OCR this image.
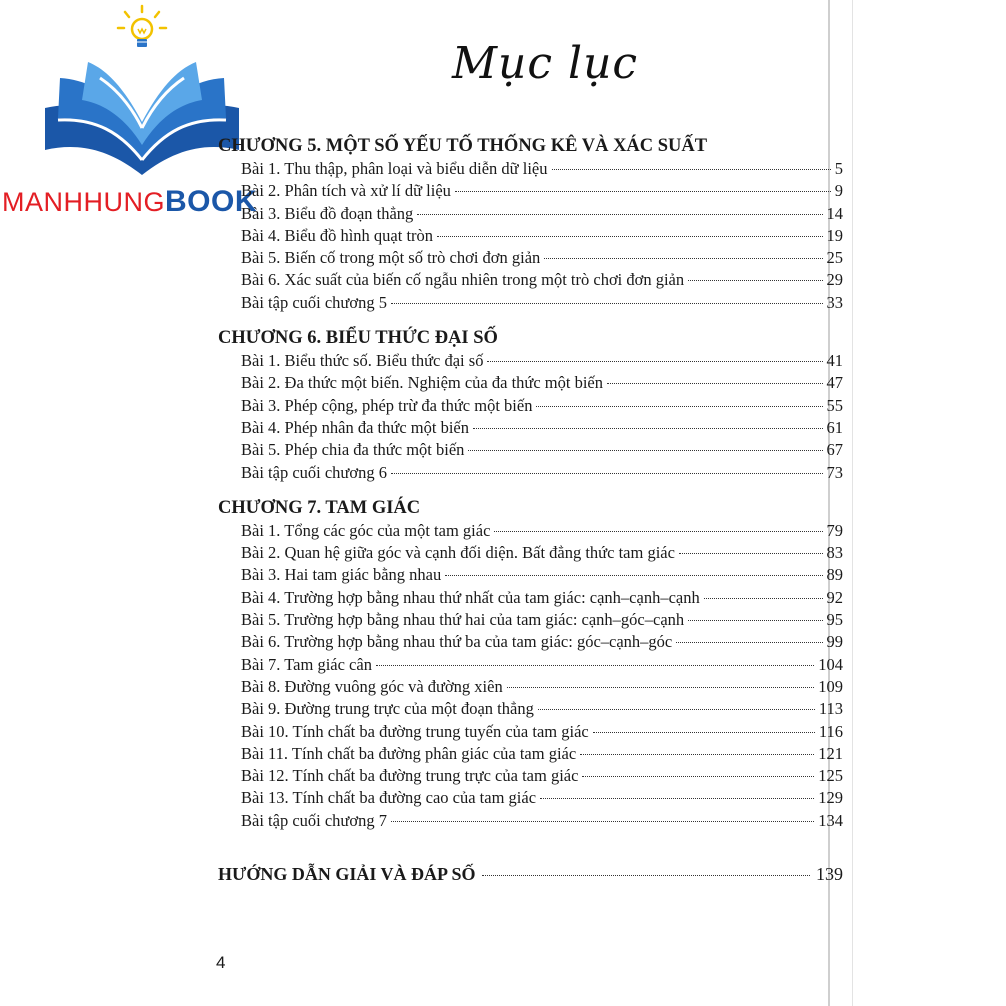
MANHHUNGBOOK
Mục lục
CHƯƠNG 5. MỘT SỐ YẾU TỐ THỐNG KÊ VÀ XÁC SUẤT
Bài 1. Thu thập, phân loại và biểu diễn dữ liệu	5
Bài 2. Phân tích và xử lí dữ liệu	9
Bài 3. Biểu đồ đoạn thẳng	14
Bài 4. Biểu đồ hình quạt tròn	19
Bài 5. Biến cố trong một số trò chơi đơn giản	25
Bài 6. Xác suất của biến cố ngẫu nhiên trong một trò chơi đơn giản	29
Bài tập cuối chương 5	33
CHƯƠNG 6. BIỂU THỨC ĐẠI SỐ
Bài 1. Biểu thức số. Biểu thức đại số	41
Bài 2. Đa thức một biến. Nghiệm của đa thức một biến	47
Bài 3. Phép cộng, phép trừ đa thức một biến	55
Bài 4. Phép nhân đa thức một biến	61
Bài 5. Phép chia đa thức một biến	67
Bài tập cuối chương 6	73
CHƯƠNG 7. TAM GIÁC
Bài 1. Tổng các góc của một tam giác	79
Bài 2. Quan hệ giữa góc và cạnh đối diện. Bất đẳng thức tam giác	83
Bài 3. Hai tam giác bằng nhau	89
Bài 4. Trường hợp bằng nhau thứ nhất của tam giác: cạnh–cạnh–cạnh	92
Bài 5. Trường hợp bằng nhau thứ hai của tam giác: cạnh–góc–cạnh	95
Bài 6. Trường hợp bằng nhau thứ ba của tam giác: góc–cạnh–góc	99
Bài 7. Tam giác cân	104
Bài 8. Đường vuông góc và đường xiên	109
Bài 9. Đường trung trực của một đoạn thẳng	113
Bài 10. Tính chất ba đường trung tuyến của tam giác	116
Bài 11. Tính chất ba đường phân giác của tam giác	121
Bài 12. Tính chất ba đường trung trực của tam giác	125
Bài 13. Tính chất ba đường cao của tam giác	129
Bài tập cuối chương 7	134
HƯỚNG DẪN GIẢI VÀ ĐÁP SỐ	139
4
